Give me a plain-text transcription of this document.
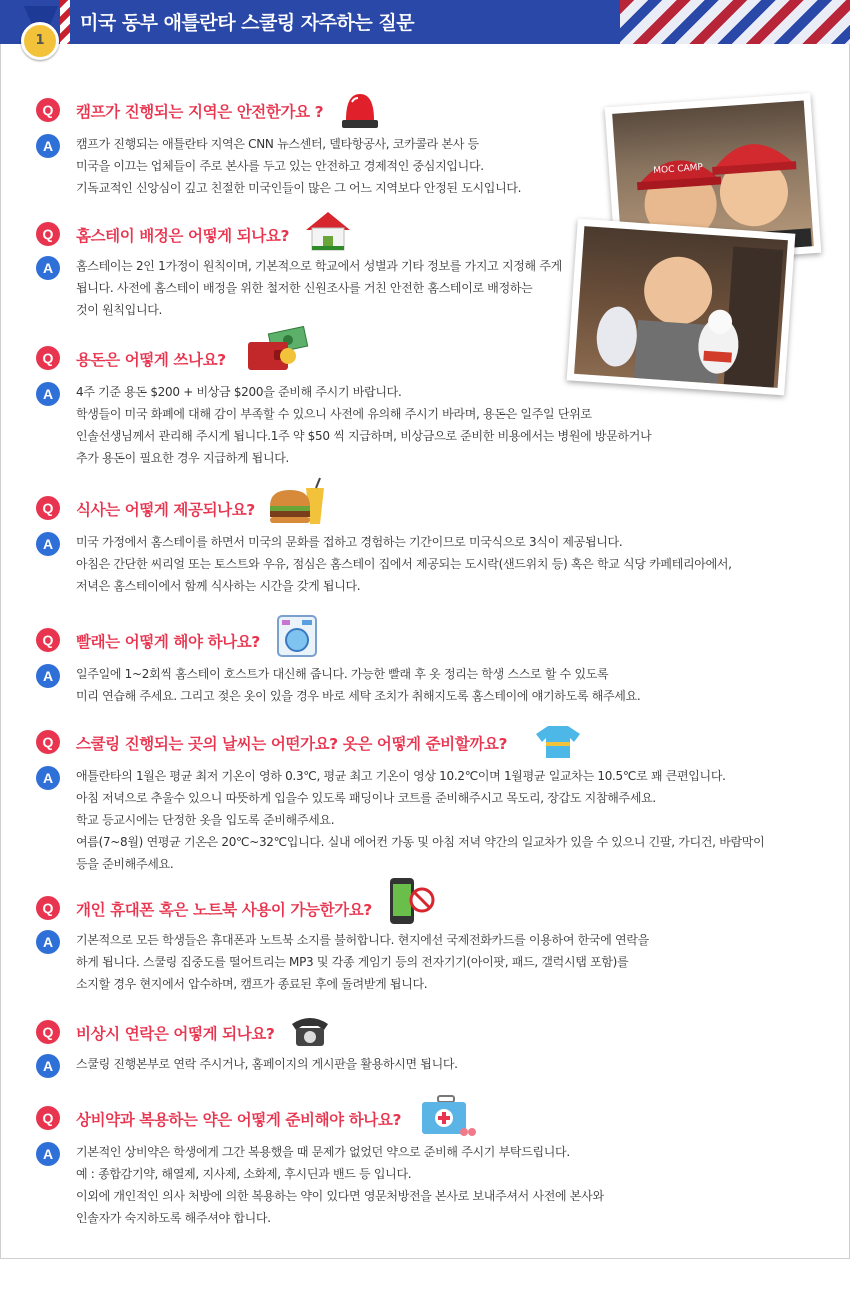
미국 동부 애틀란타 스쿨링 자주하는 질문
1
MOC CAMP
Q	캠프가 진행되는 지역은 안전한가요 ?
A	캠프가 진행되는 애틀란타 지역은 CNN 뉴스센터, 델타항공사, 코카콜라 본사 등
미국을 이끄는 업체들이 주로 본사를 두고 있는 안전하고 경제적인 중심지입니다.
기독교적인 신앙심이 깊고 친절한 미국인들이 많은 그 어느 지역보다 안정된 도시입니다.
Q	홈스테이 배정은 어떻게 되나요?
A	홈스테이는 2인 1가정이 원칙이며, 기본적으로 학교에서 성별과 기타 정보를 가지고 지정해 주게
됩니다. 사전에 홈스테이 배정을 위한 철저한 신원조사를 거친 안전한 홈스테이로 배정하는
것이 원칙입니다.
Q	용돈은 어떻게 쓰나요?
A	4주 기준 용돈 $200 + 비상금 $200을 준비해 주시기 바랍니다.
학생들이 미국 화폐에 대해 감이 부족할 수 있으니 사전에 유의해 주시기 바라며, 용돈은 일주일 단위로
인솔선생님께서 관리해 주시게 됩니다.1주 약 $50 씩 지급하며, 비상금으로 준비한 비용에서는 병원에 방문하거나
추가 용돈이 필요한 경우 지급하게 됩니다.
Q	식사는 어떻게 제공되나요?
A	미국 가정에서 홈스테이를 하면서 미국의 문화를 접하고 경험하는 기간이므로 미국식으로 3식이 제공됩니다.
아침은 간단한 씨리얼 또는 토스트와 우유, 점심은 홈스테이 집에서 제공되는 도시락(샌드위치 등) 혹은 학교 식당 카페테리아에서,
저녁은 홈스테이에서 함께 식사하는 시간을 갖게 됩니다.
Q	빨래는 어떻게 해야 하나요?
A	일주일에 1~2회씩 홈스테이 호스트가 대신해 줍니다. 가능한 빨래 후 옷 정리는 학생 스스로 할 수 있도록
미리 연습해 주세요. 그리고 젖은 옷이 있을 경우 바로 세탁 조치가 취해지도록 홈스테이에 얘기하도록 해주세요.
Q	스쿨링 진행되는 곳의 날씨는 어떤가요? 옷은 어떻게 준비할까요?
A	애틀란타의 1월은 평균 최저 기온이 영하 0.3℃, 평균 최고 기온이 영상 10.2℃이며 1월평균 일교차는 10.5℃로 꽤 큰편입니다.
아침 저녁으로 추울수 있으니 따뜻하게 입을수 있도록 패딩이나 코트를 준비해주시고 목도리, 장갑도 지참해주세요.
학교 등교시에는 단정한 옷을 입도록 준비해주세요.
여름(7~8월) 연평균 기온은 20℃~32℃입니다. 실내 에어컨 가동 및 아침 저녁 약간의 일교차가 있을 수 있으니 긴팔, 가디건, 바람막이
등을 준비해주세요.
Q	개인 휴대폰 혹은 노트북 사용이 가능한가요?
A	기본적으로 모든 학생들은 휴대폰과 노트북 소지를 불허합니다. 현지에선 국제전화카드를 이용하여 한국에 연락을
하게 됩니다. 스쿨링 집중도를 떨어트리는 MP3 및 각종 게임기 등의 전자기기(아이팟, 패드, 갤럭시탭 포함)를
소지할 경우 현지에서 압수하며, 캠프가 종료된 후에 돌려받게 됩니다.
Q	비상시 연락은 어떻게 되나요?
A	스쿨링 진행본부로 연락 주시거나, 홈페이지의 게시판을 활용하시면 됩니다.
Q	상비약과 복용하는 약은 어떻게 준비해야 하나요?
A	기본적인 상비약은 학생에게 그간 복용했을 때 문제가 없었던 약으로 준비해 주시기 부탁드립니다.
예 : 종합감기약, 해열제, 지사제, 소화제, 후시딘과 밴드 등 입니다.
이외에 개인적인 의사 처방에 의한 복용하는 약이 있다면 영문처방전을 본사로 보내주셔서 사전에 본사와
인솔자가 숙지하도록 해주셔야 합니다.
